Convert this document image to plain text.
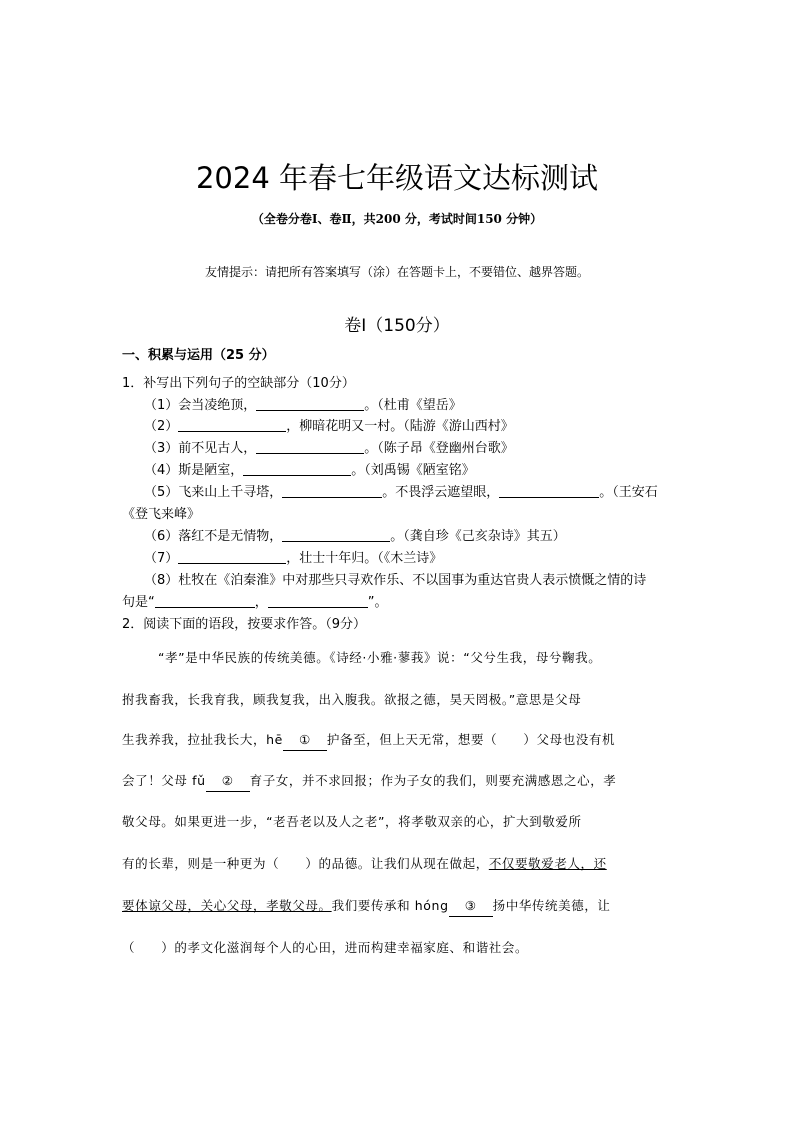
2024 年春七年级语文达标测试
（全卷分卷Ⅰ、卷Ⅱ，共200 分，考试时间150 分钟）
友情提示：请把所有答案填写（涂）在答题卡上，不要错位、越界答题。
卷Ⅰ（150分）
一、积累与运用（25 分）
1．补写出下列句子的空缺部分（10分）
（1）会当凌绝顶，	。（杜甫《望岳》
（2）	，柳暗花明又一村。（陆游《游山西村》
（3）前不见古人，	。（陈子昂《登幽州台歌》
（4）斯是陋室，	。（刘禹锡《陋室铭》
（5）飞来山上千寻塔，	。不畏浮云遮望眼，	。（王安石
《登飞来峰》
（6）落红不是无情物，	。（龚自珍《己亥杂诗》其五）
（7）	，壮士十年归。（《木兰诗》
（8）杜牧在《泊秦淮》中对那些只寻欢作乐、不以国事为重达官贵人表示愤慨之情的诗
句是“	，	”。
2．阅读下面的语段，按要求作答。（9分）
“孝”是中华民族的传统美德。《诗经·小雅·蓼莪》说：“父兮生我，母兮鞠我。
拊我畜我，长我育我，顾我复我，出入腹我。欲报之德，昊天罔极。”意思是父母
生我养我，拉扯我长大，hē ① 护备至，但上天无常，想要（　　）父母也没有机
会了！父母 fǔ ② 育子女，并不求回报；作为子女的我们，则要充满感恩之心，孝
敬父母。如果更进一步，“老吾老以及人之老”，将孝敬双亲的心，扩大到敬爱所
有的长辈，则是一种更为（　　）的品德。让我们从现在做起，不仅要敬爱老人，还
要体谅父母，关心父母，孝敬父母。我们要传承和 hóng ③ 扬中华传统美德，让
（　　）的孝文化滋润每个人的心田，进而构建幸福家庭、和谐社会。
